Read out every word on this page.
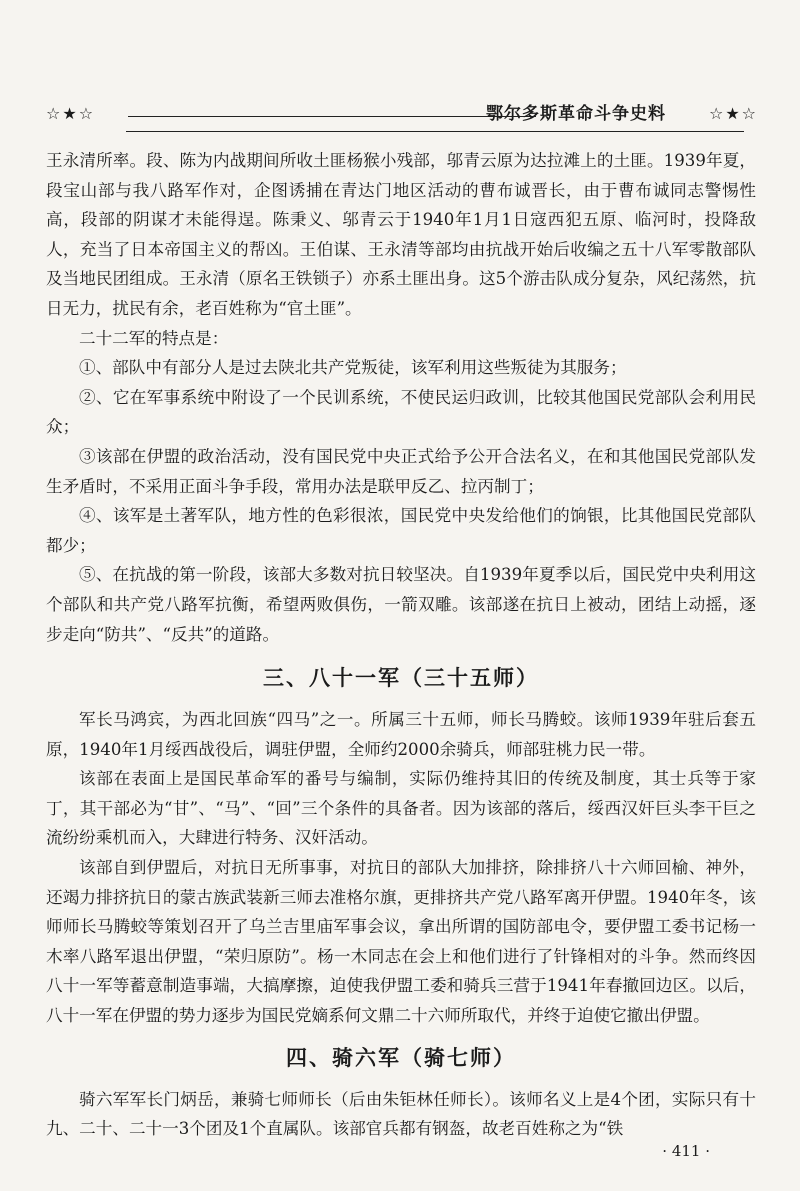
☆★☆	鄂尔多斯革命斗争史料	☆★☆

王永清所率。段、陈为内战期间所收土匪杨猴小残部，邬青云原为达拉滩上的土匪。1939年夏，段宝山部与我八路军作对，企图诱捕在青达门地区活动的曹布诚晋长，由于曹布诚同志警惕性高，段部的阴谋才未能得逞。陈秉义、邬青云于1940年1月1日寇西犯五原、临河时，投降敌人，充当了日本帝国主义的帮凶。王伯谋、王永清等部均由抗战开始后收编之五十八军零散部队及当地民团组成。王永清（原名王铁锁子）亦系土匪出身。这5个游击队成分复杂，风纪荡然，抗日无力，扰民有余，老百姓称为“官土匪”。

二十二军的特点是：

①、部队中有部分人是过去陕北共产党叛徒，该军利用这些叛徒为其服务；

②、它在军事系统中附设了一个民训系统，不使民运归政训，比较其他国民党部队会利用民众；

③该部在伊盟的政治活动，没有国民党中央正式给予公开合法名义，在和其他国民党部队发生矛盾时，不采用正面斗争手段，常用办法是联甲反乙、拉丙制丁；

④、该军是土著军队，地方性的色彩很浓，国民党中央发给他们的饷银，比其他国民党部队都少；

⑤、在抗战的第一阶段，该部大多数对抗日较坚决。自1939年夏季以后，国民党中央利用这个部队和共产党八路军抗衡，希望两败俱伤，一箭双雕。该部遂在抗日上被动，团结上动摇，逐步走向“防共”、“反共”的道路。

三、八十一军（三十五师）

军长马鸿宾，为西北回族“四马”之一。所属三十五师，师长马腾蛟。该师1939年驻后套五原，1940年1月绥西战役后，调驻伊盟，全师约2000余骑兵，师部驻桃力民一带。

该部在表面上是国民革命军的番号与编制，实际仍维持其旧的传统及制度，其士兵等于家丁，其干部必为“甘”、“马”、“回”三个条件的具备者。因为该部的落后，绥西汉奸巨头李干巨之流纷纷乘机而入，大肆进行特务、汉奸活动。

该部自到伊盟后，对抗日无所事事，对抗日的部队大加排挤，除排挤八十六师回榆、神外，还竭力排挤抗日的蒙古族武装新三师去准格尔旗，更排挤共产党八路军离开伊盟。1940年冬，该师师长马腾蛟等策划召开了乌兰吉里庙军事会议，拿出所谓的国防部电令，要伊盟工委书记杨一木率八路军退出伊盟，“荣归原防”。杨一木同志在会上和他们进行了针锋相对的斗争。然而终因八十一军等蓄意制造事端，大搞摩擦，迫使我伊盟工委和骑兵三营于1941年春撤回边区。以后，八十一军在伊盟的势力逐步为国民党嫡系何文鼎二十六师所取代，并终于迫使它撤出伊盟。

四、骑六军（骑七师）

骑六军军长门炳岳，兼骑七师师长（后由朱钜林任师长）。该师名义上是4个团，实际只有十九、二十、二十一3个团及1个直属队。该部官兵都有钢盔，故老百姓称之为“铁

· 411 ·
